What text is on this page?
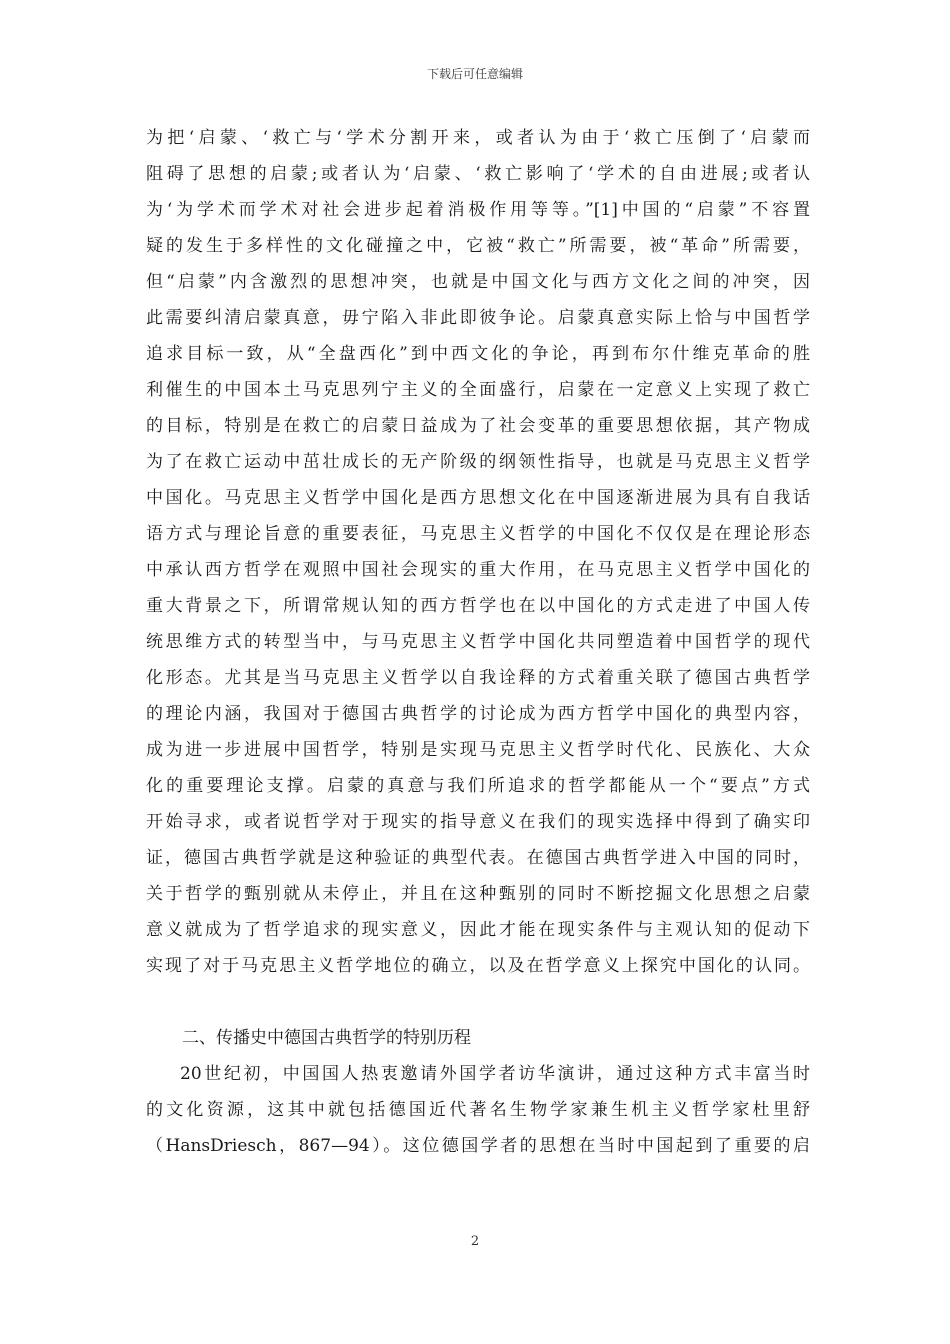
下载后可任意编辑
为把‘启蒙、‘救亡与‘学术分割开来，或者认为由于‘救亡压倒了‘启蒙而
阻碍了思想的启蒙;或者认为‘启蒙、‘救亡影响了‘学术的自由进展;或者认
为‘为学术而学术对社会进步起着消极作用等等。”[1]中国的“启蒙”不容置
疑的发生于多样性的文化碰撞之中，它被“救亡”所需要，被“革命”所需要，
但“启蒙”内含激烈的思想冲突，也就是中国文化与西方文化之间的冲突，因
此需要纠清启蒙真意，毋宁陷入非此即彼争论。启蒙真意实际上恰与中国哲学
追求目标一致，从“全盘西化”到中西文化的争论，再到布尔什维克革命的胜
利催生的中国本土马克思列宁主义的全面盛行，启蒙在一定意义上实现了救亡
的目标，特别是在救亡的启蒙日益成为了社会变革的重要思想依据，其产物成
为了在救亡运动中茁壮成长的无产阶级的纲领性指导，也就是马克思主义哲学
中国化。马克思主义哲学中国化是西方思想文化在中国逐渐进展为具有自我话
语方式与理论旨意的重要表征，马克思主义哲学的中国化不仅仅是在理论形态
中承认西方哲学在观照中国社会现实的重大作用，在马克思主义哲学中国化的
重大背景之下，所谓常规认知的西方哲学也在以中国化的方式走进了中国人传
统思维方式的转型当中，与马克思主义哲学中国化共同塑造着中国哲学的现代
化形态。尤其是当马克思主义哲学以自我诠释的方式着重关联了德国古典哲学
的理论内涵，我国对于德国古典哲学的讨论成为西方哲学中国化的典型内容，
成为进一步进展中国哲学，特别是实现马克思主义哲学时代化、民族化、大众
化的重要理论支撑。启蒙的真意与我们所追求的哲学都能从一个“要点”方式
开始寻求，或者说哲学对于现实的指导意义在我们的现实选择中得到了确实印
证，德国古典哲学就是这种验证的典型代表。在德国古典哲学进入中国的同时，
关于哲学的甄别就从未停止，并且在这种甄别的同时不断挖掘文化思想之启蒙
意义就成为了哲学追求的现实意义，因此才能在现实条件与主观认知的促动下
实现了对于马克思主义哲学地位的确立，以及在哲学意义上探究中国化的认同。
二、传播史中德国古典哲学的特别历程
20世纪初，中国国人热衷邀请外国学者访华演讲，通过这种方式丰富当时
的文化资源，这其中就包括德国近代著名生物学家兼生机主义哲学家杜里舒
（HansDriesch，867—94）。这位德国学者的思想在当时中国起到了重要的启
2
